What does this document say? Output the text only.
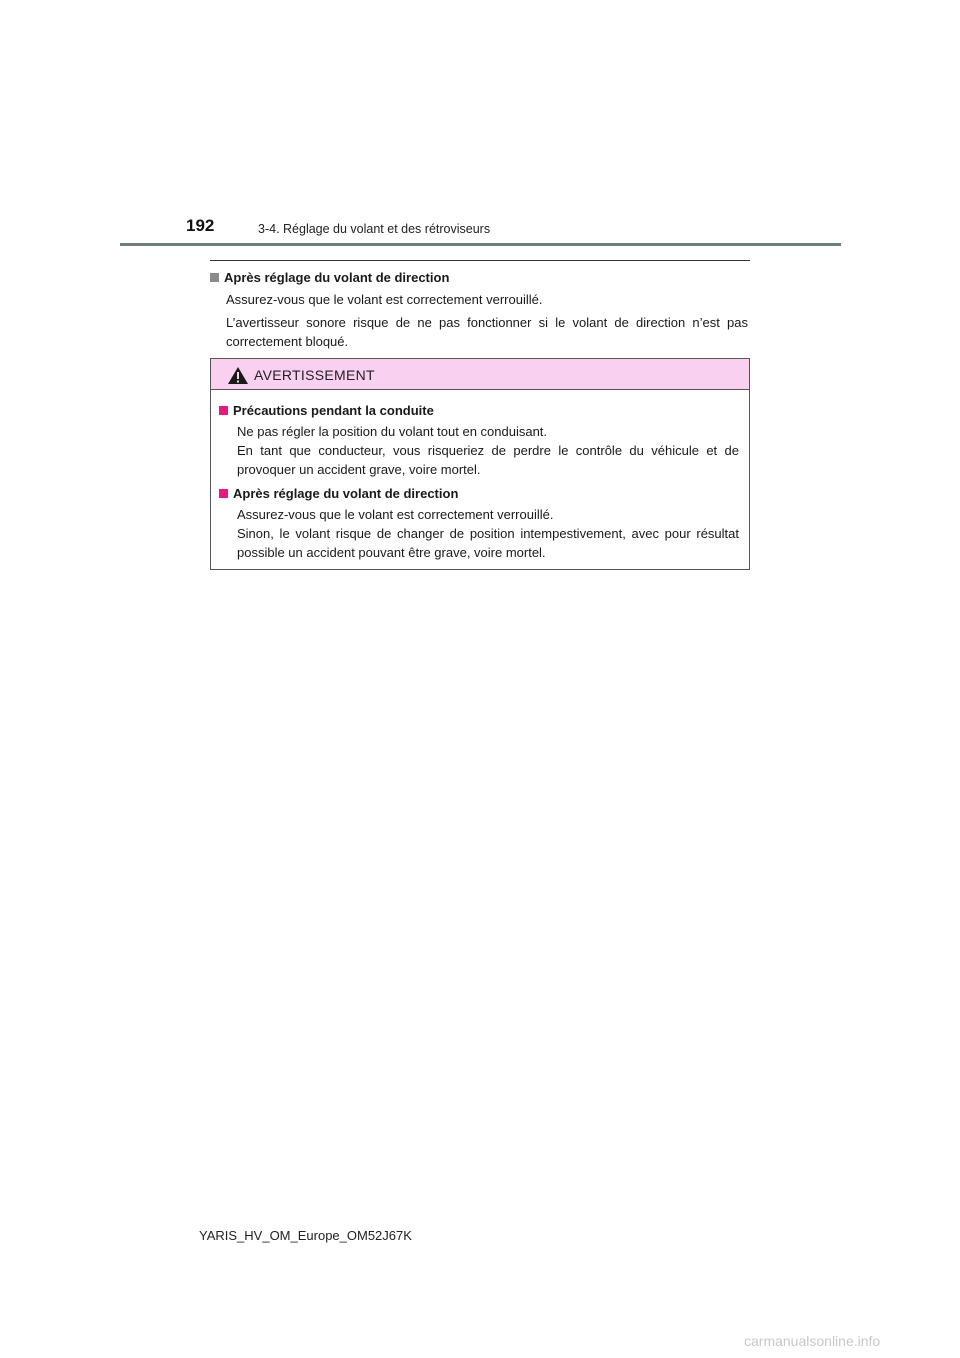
192	3-4. Réglage du volant et des rétroviseurs
Après réglage du volant de direction

Assurez-vous que le volant est correctement verrouillé.

L’avertisseur sonore risque de ne pas fonctionner si le volant de direction n’est pas correctement bloqué.

AVERTISSEMENT
Précautions pendant la conduite
Ne pas régler la position du volant tout en conduisant.
En tant que conducteur, vous risqueriez de perdre le contrôle du véhicule et de provoquer un accident grave, voire mortel.
Après réglage du volant de direction
Assurez-vous que le volant est correctement verrouillé.
Sinon, le volant risque de changer de position intempestivement, avec pour résultat possible un accident pouvant être grave, voire mortel.
YARIS_HV_OM_Europe_OM52J67K
carmanualsonline.info
